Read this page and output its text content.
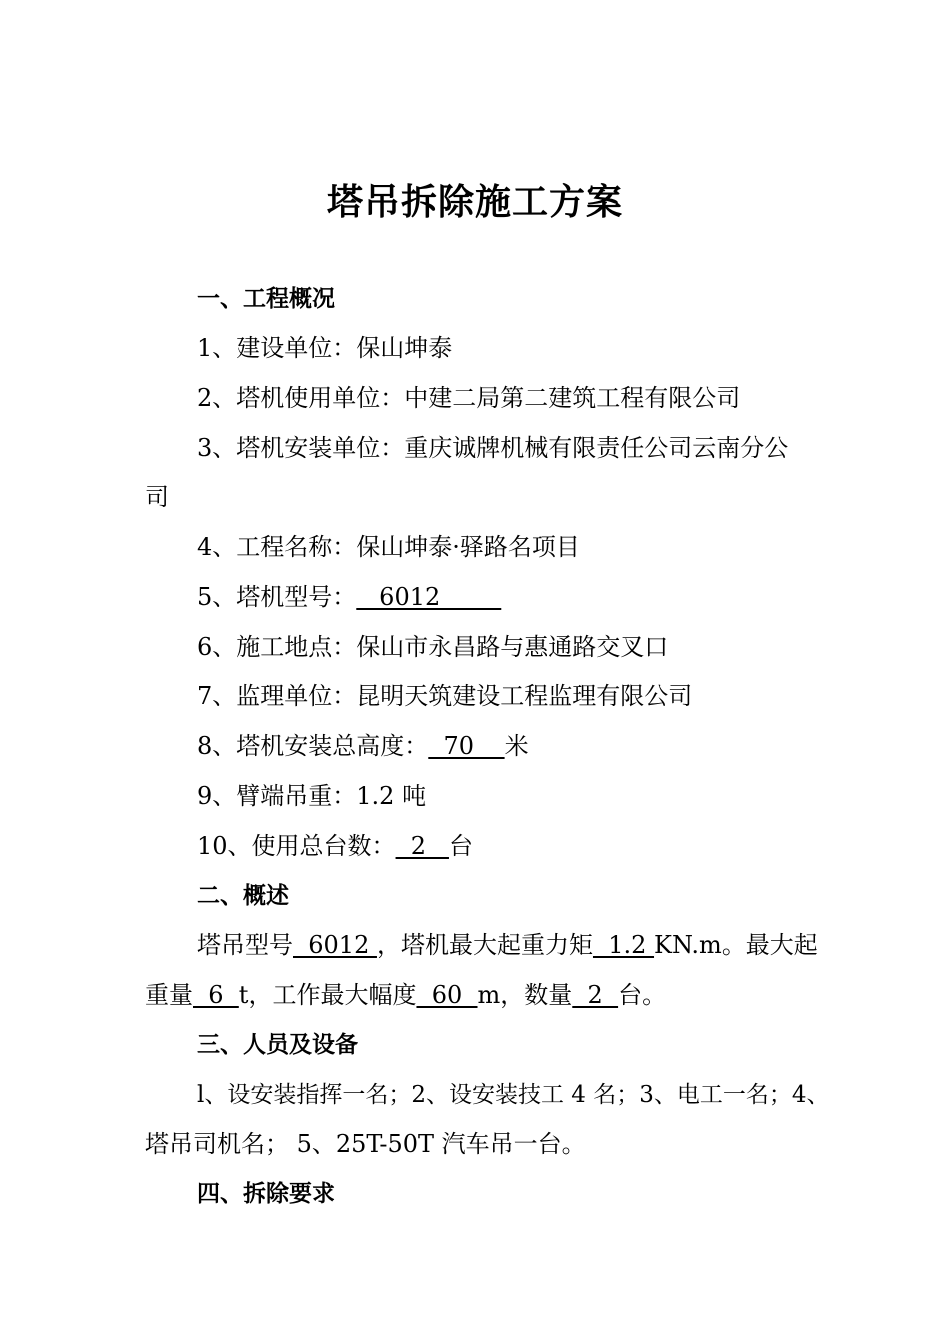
塔吊拆除施工方案
一、工程概况
1、建设单位：保山坤泰
2、塔机使用单位：中建二局第二建筑工程有限公司
3、塔机安装单位：重庆诚牌机械有限责任公司云南分公
司
4、工程名称：保山坤泰·驿路名项目
5、塔机型号：   6012
6、施工地点：保山市永昌路与惠通路交叉口
7、监理单位：昆明天筑建设工程监理有限公司
8、塔机安装总高度：  70    米
9、臂端吊重：1.2 吨
10、使用总台数：  2   台
二、概述
塔吊型号  6012 ，塔机最大起重力矩  1.2 KN.m。最大起
重量  6  t，工作最大幅度  60  m，数量  2  台。
三、人员及设备
l、设安装指挥一名；2、设安装技工 4 名；3、电工一名；4、
塔吊司机名； 5、25T-50T 汽车吊一台。
四、拆除要求
